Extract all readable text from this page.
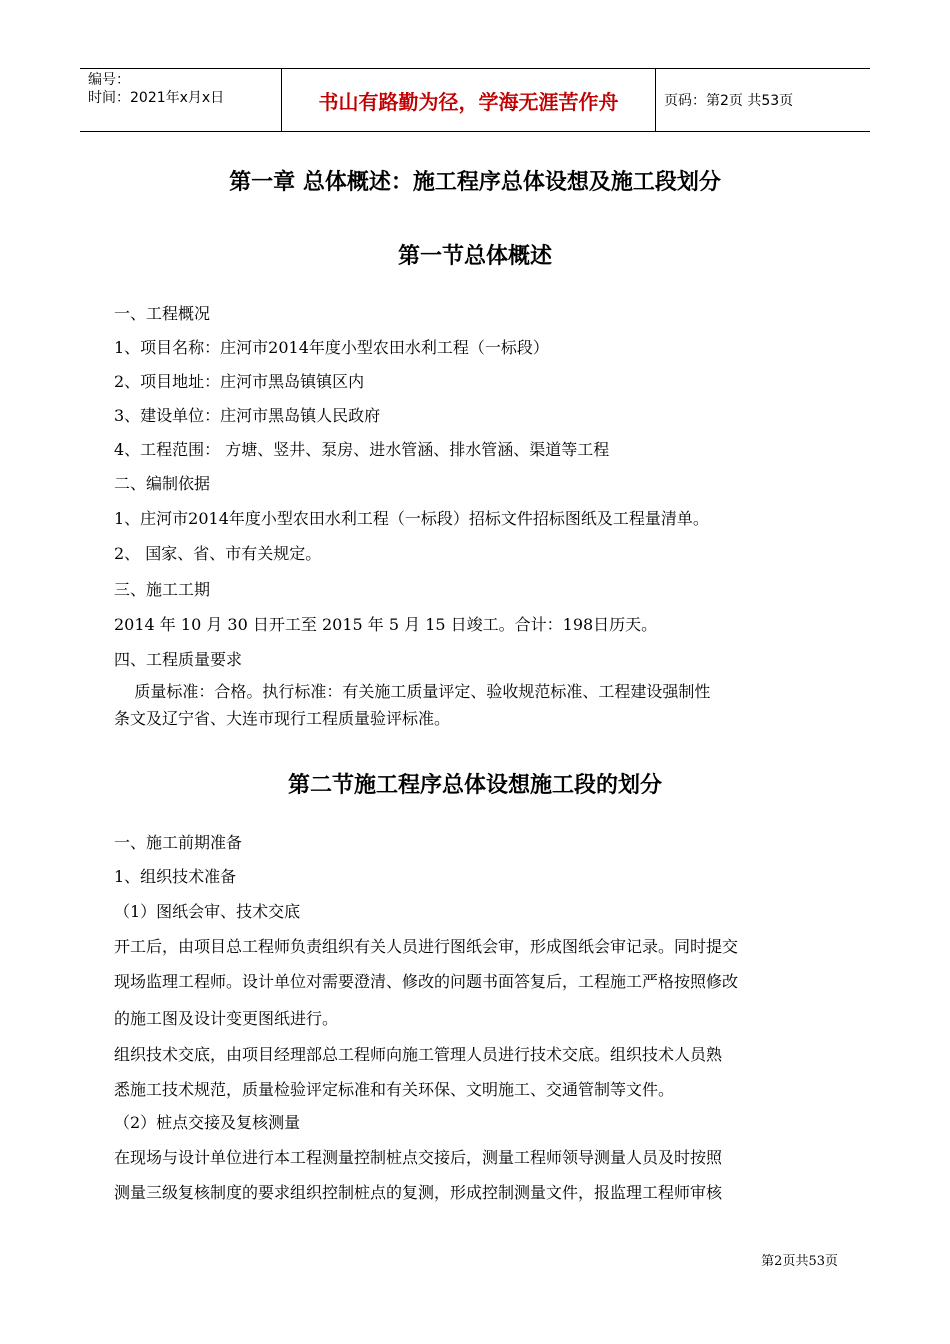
编号：
时间：2021年x月x日	书山有路勤为径，学海无涯苦作舟	页码：第2页 共53页
第一章 总体概述：施工程序总体设想及施工段划分
第一节总体概述
一、工程概况
1、项目名称：庄河市2014年度小型农田水利工程（一标段）
2、项目地址：庄河市黑岛镇镇区内
3、建设单位：庄河市黑岛镇人民政府
4、工程范围： 方塘、竖井、泵房、进水管涵、排水管涵、渠道等工程
二、编制依据
1、庄河市2014年度小型农田水利工程（一标段）招标文件招标图纸及工程量清单。
2、 国家、省、市有关规定。
三、施工工期
2014 年 10 月 30 日开工至 2015 年 5 月 15 日竣工。合计：198日历天。
四、工程质量要求
质量标准：合格。执行标准：有关施工质量评定、验收规范标准、工程建设强制性
条文及辽宁省、大连市现行工程质量验评标准。
第二节施工程序总体设想施工段的划分
一、施工前期准备
1、组织技术准备
（1）图纸会审、技术交底
开工后，由项目总工程师负责组织有关人员进行图纸会审，形成图纸会审记录。同时提交
现场监理工程师。设计单位对需要澄清、修改的问题书面答复后，工程施工严格按照修改
的施工图及设计变更图纸进行。
组织技术交底，由项目经理部总工程师向施工管理人员进行技术交底。组织技术人员熟
悉施工技术规范，质量检验评定标准和有关环保、文明施工、交通管制等文件。
（2）桩点交接及复核测量
在现场与设计单位进行本工程测量控制桩点交接后，测量工程师领导测量人员及时按照
测量三级复核制度的要求组织控制桩点的复测，形成控制测量文件，报监理工程师审核
第2页共53页
